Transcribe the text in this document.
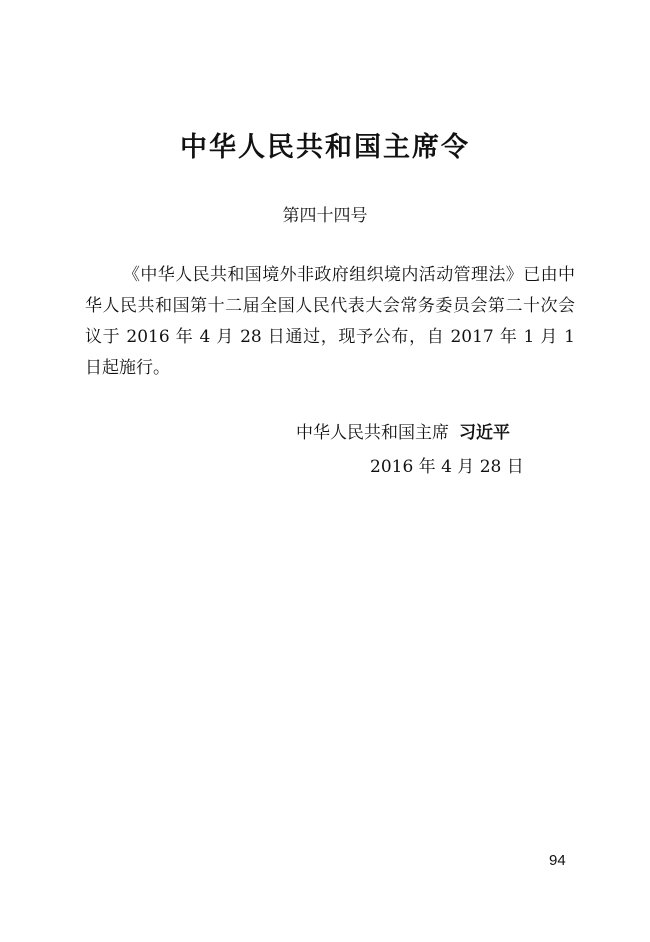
中华人民共和国主席令
第四十四号
《中华人民共和国境外非政府组织境内活动管理法》已由中华人民共和国第十二届全国人民代表大会常务委员会第二十次会议于 2016 年 4 月 28 日通过，现予公布，自 2017 年 1 月 1 日起施行。
中华人民共和国主席 习近平
2016 年 4 月 28 日
94
